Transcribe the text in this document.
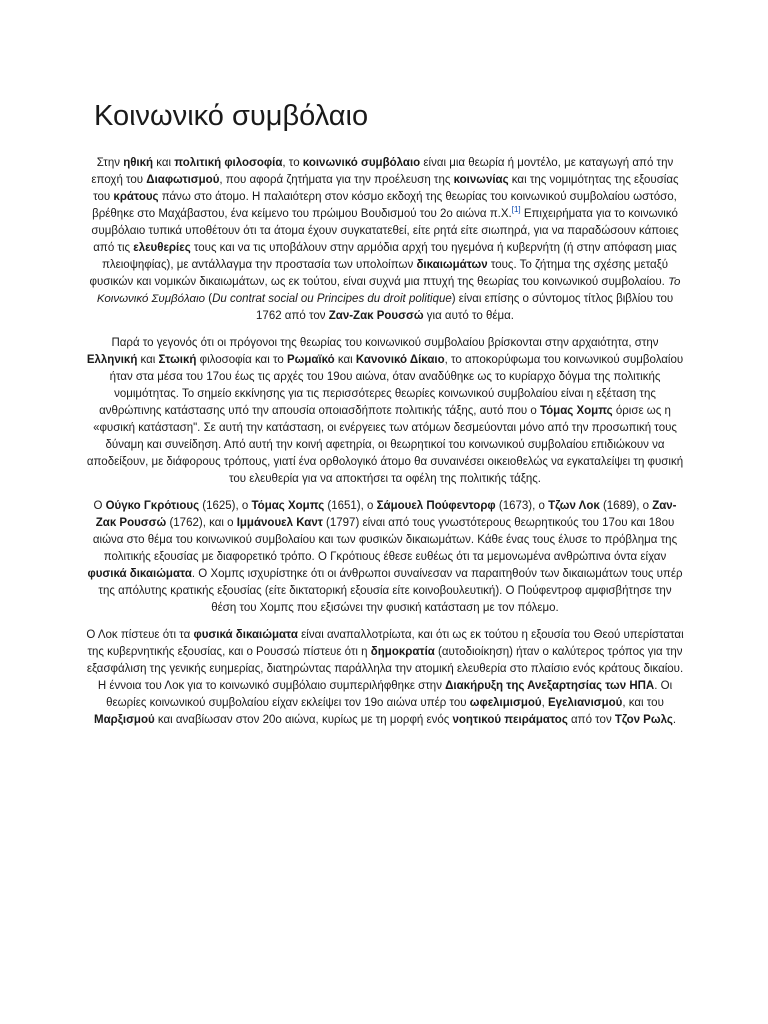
Κοινωνικό συμβόλαιο

Στην ηθική και πολιτική φιλοσοφία, το κοινωνικό συμβόλαιο είναι μια θεωρία ή μοντέλο, με καταγωγή από την εποχή του Διαφωτισμού, που αφορά ζητήματα για την προέλευση της κοινωνίας και της νομιμότητας της εξουσίας του κράτους πάνω στο άτομο. Η παλαιότερη στον κόσμο εκδοχή της θεωρίας του κοινωνικού συμβολαίου ωστόσο, βρέθηκε στο Μαχάβαστου, ένα κείμενο του πρώιμου Βουδισμού του 2ο αιώνα π.Χ.[1] Επιχειρήματα για το κοινωνικό συμβόλαιο τυπικά υποθέτουν ότι τα άτομα έχουν συγκατατεθεί, είτε ρητά είτε σιωπηρά, για να παραδώσουν κάποιες από τις ελευθερίες τους και να τις υποβάλουν στην αρμόδια αρχή του ηγεμόνα ή κυβερνήτη (ή στην απόφαση μιας πλειοψηφίας), με αντάλλαγμα την προστασία των υπολοίπων δικαιωμάτων τους. Το ζήτημα της σχέσης μεταξύ φυσικών και νομικών δικαιωμάτων, ως εκ τούτου, είναι συχνά μια πτυχή της θεωρίας του κοινωνικού συμβολαίου. Το Κοινωνικό Συμβόλαιο (Du contrat social ou Principes du droit politique) είναι επίσης ο σύντομος τίτλος βιβλίου του 1762 από τον Ζαν-Ζακ Ρουσσώ για αυτό το θέμα.

Παρά το γεγονός ότι οι πρόγονοι της θεωρίας του κοινωνικού συμβολαίου βρίσκονται στην αρχαιότητα, στην Ελληνική και Στωική φιλοσοφία και το Ρωμαϊκό και Κανονικό Δίκαιο, το αποκορύφωμα του κοινωνικού συμβολαίου ήταν στα μέσα του 17ου έως τις αρχές του 19ου αιώνα, όταν αναδύθηκε ως το κυρίαρχο δόγμα της πολιτικής νομιμότητας. Το σημείο εκκίνησης για τις περισσότερες θεωρίες κοινωνικού συμβολαίου είναι η εξέταση της ανθρώπινης κατάστασης υπό την απουσία οποιασδήποτε πολιτικής τάξης, αυτό που ο Τόμας Χομπς όρισε ως η «φυσική κατάσταση". Σε αυτή την κατάσταση, οι ενέργειες των ατόμων δεσμεύονται μόνο από την προσωπική τους δύναμη και συνείδηση. Από αυτή την κοινή αφετηρία, οι θεωρητικοί του κοινωνικού συμβολαίου επιδιώκουν να αποδείξουν, με διάφορους τρόπους, γιατί ένα ορθολογικό άτομο θα συναινέσει οικειοθελώς να εγκαταλείψει τη φυσική του ελευθερία για να αποκτήσει τα οφέλη της πολιτικής τάξης.

Ο Ούγκο Γκρότιους (1625), ο Τόμας Χομπς (1651), ο Σάμουελ Πούφεντορφ (1673), ο Τζων Λοκ (1689), ο Ζαν-Ζακ Ρουσσώ (1762), και ο Ιμμάνουελ Καντ (1797) είναι από τους γνωστότερους θεωρητικούς του 17ου και 18ου αιώνα στο θέμα του κοινωνικού συμβολαίου και των φυσικών δικαιωμάτων. Κάθε ένας τους έλυσε το πρόβλημα της πολιτικής εξουσίας με διαφορετικό τρόπο. Ο Γκρότιους έθεσε ευθέως ότι τα μεμονωμένα ανθρώπινα όντα είχαν φυσικά δικαιώματα. Ο Χομπς ισχυρίστηκε ότι οι άνθρωποι συναίνεσαν να παραιτηθούν των δικαιωμάτων τους υπέρ της απόλυτης κρατικής εξουσίας (είτε δικτατορική εξουσία είτε κοινοβουλευτική). Ο Πούφεντροφ αμφισβήτησε την θέση του Χομπς που εξισώνει την φυσική κατάσταση με τον πόλεμο.

Ο Λοκ πίστευε ότι τα φυσικά δικαιώματα είναι αναπαλλοτρίωτα, και ότι ως εκ τούτου η εξουσία του Θεού υπερίσταται της κυβερνητικής εξουσίας, και ο Ρουσσώ πίστευε ότι η δημοκρατία (αυτοδιοίκηση) ήταν ο καλύτερος τρόπος για την εξασφάλιση της γενικής ευημερίας, διατηρώντας παράλληλα την ατομική ελευθερία στο πλαίσιο ενός κράτους δικαίου. Η έννοια του Λοκ για το κοινωνικό συμβόλαιο συμπεριλήφθηκε στην Διακήρυξη της Ανεξαρτησίας των ΗΠΑ. Οι θεωρίες κοινωνικού συμβολαίου είχαν εκλείψει τον 19ο αιώνα υπέρ του ωφελιμισμού, Εγελιανισμού, και του Μαρξισμού και αναβίωσαν στον 20ο αιώνα, κυρίως με τη μορφή ενός νοητικού πειράματος από τον Τζον Ρωλς.
